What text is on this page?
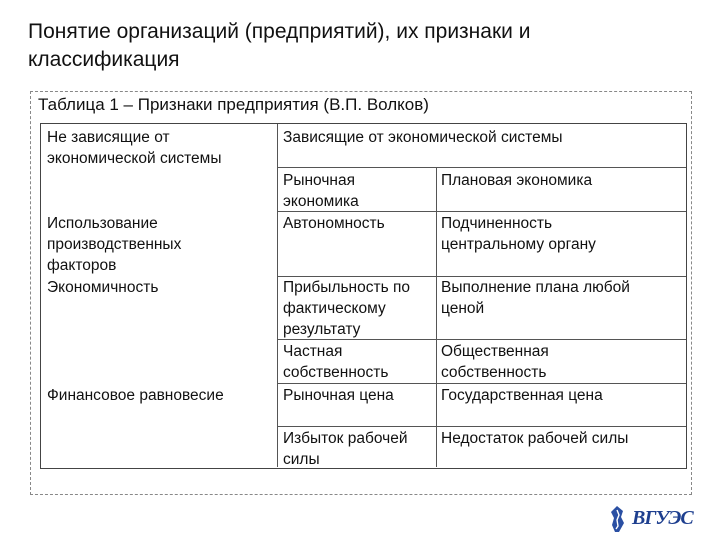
Понятие организаций (предприятий), их признаки и
классификация
Таблица 1 – Признаки предприятия (В.П. Волков)
Не зависящие от
экономической системы
Использование
производственных
факторов
Экономичность
Финансовое равновесие
Зависящие от экономической системы
Рыночная
экономика
Плановая экономика
Автономность
Прибыльность по
фактическому
результату
Частная
собственность
Рыночная цена
Избыток рабочей
силы
Подчиненность
центральному органу
Выполнение плана любой
ценой
Общественная
собственность
Государственная цена
Недостаток рабочей силы
ВГУЭС
